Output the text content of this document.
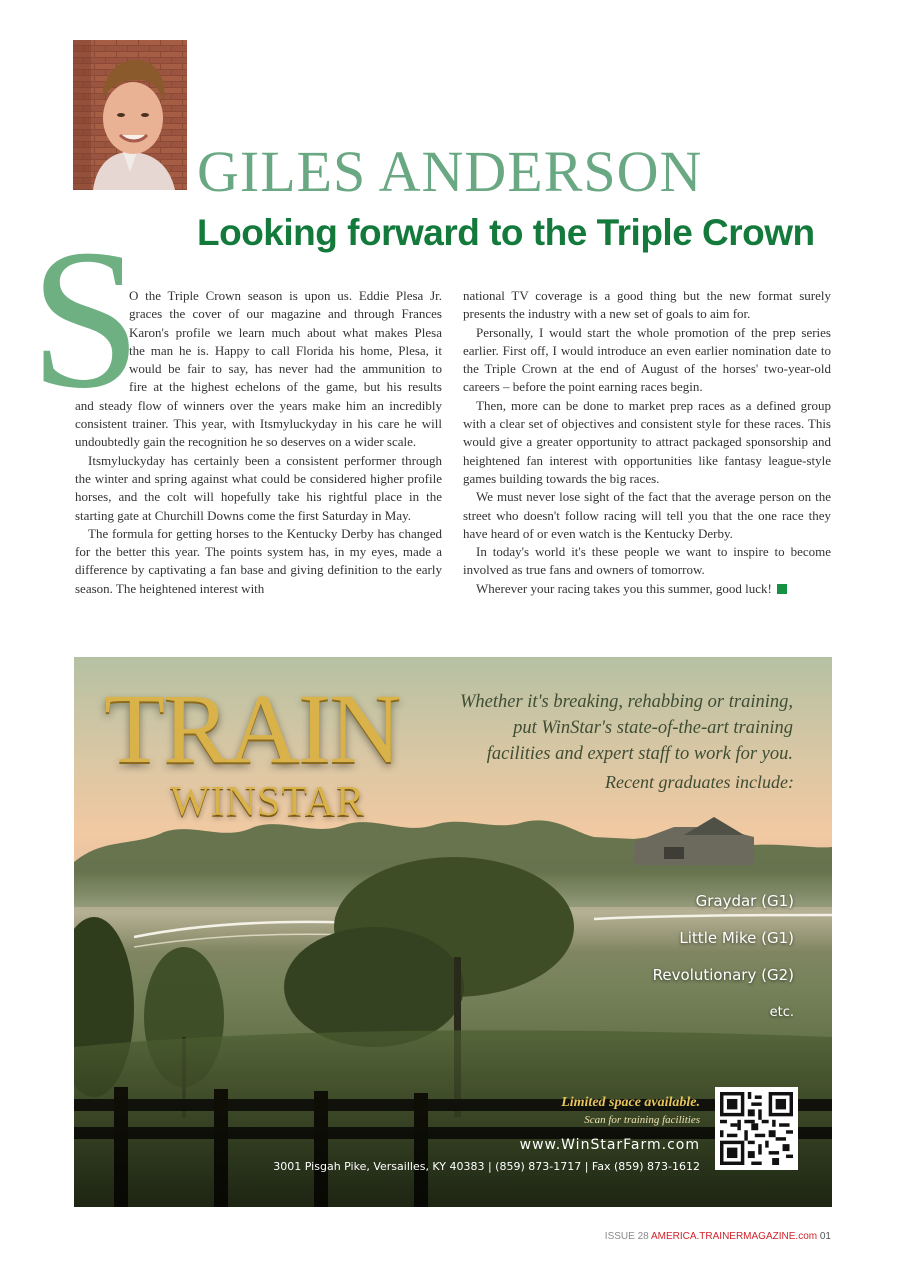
GILES ANDERSON
Looking forward to the Triple Crown
S

O the Triple Crown season is upon us. Eddie Plesa Jr.
graces the cover of our magazine and through Frances
Karon's profile we learn much about what makes Plesa
the man he is. Happy to call Florida his home, Plesa, it
would be fair to say, has never had the ammunition to
fire at the highest echelons of the game, but his results
and steady flow of winners over the years make him an incredibly consistent trainer. This year, with Itsmyluckyday in his care he will undoubtedly gain the recognition he so deserves on a wider scale.

Itsmyluckyday has certainly been a consistent performer through the winter and spring against what could be considered higher profile horses, and the colt will hopefully take his rightful place in the starting gate at Churchill Downs come the first Saturday in May.

The formula for getting horses to the Kentucky Derby has changed for the better this year. The points system has, in my eyes, made a difference by captivating a fan base and giving definition to the early season. The heightened interest with

national TV coverage is a good thing but the new format surely presents the industry with a new set of goals to aim for.

Personally, I would start the whole promotion of the prep series earlier. First off, I would introduce an even earlier nomination date to the Triple Crown at the end of August of the horses' two-year-old careers – before the point earning races begin.

Then, more can be done to market prep races as a defined group with a clear set of objectives and consistent style for these races. This would give a greater opportunity to attract packaged sponsorship and heightened fan interest with opportunities like fantasy league-style games building towards the big races.

We must never lose sight of the fact that the average person on the street who doesn't follow racing will tell you that the one race they have heard of or even watch is the Kentucky Derby.

In today's world it's these people we want to inspire to become involved as true fans and owners of tomorrow.

Wherever your racing takes you this summer, good luck!

TRAIN
WINSTAR
Whether it's breaking, rehabbing or training,
put WinStar's state-of-the-art training
facilities and expert staff to work for you.
Recent graduates include:
Graydar (G1)
Little Mike (G1)
Revolutionary (G2)
etc.
Limited space available.
Scan for training facilities
www.WinStarFarm.com
3001 Pisgah Pike, Versailles, KY 40383 | (859) 873-1717 | Fax (859) 873-1612
ISSUE 28 AMERICA.TRAINERMAGAZINE.com 01
